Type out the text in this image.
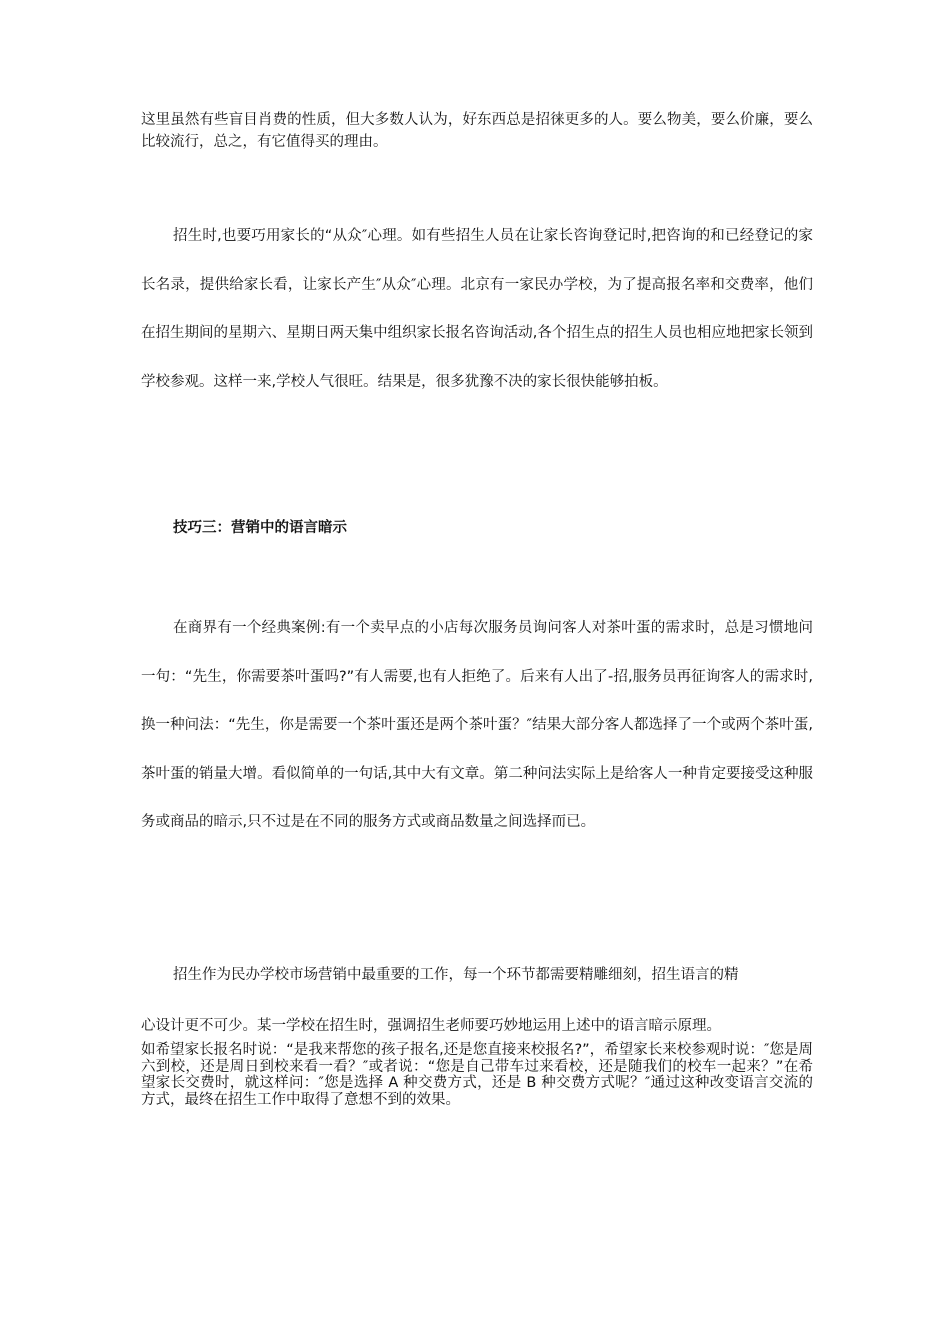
这里虽然有些盲目肖费的性质，但大多数人认为，好东西总是招徕更多的人。要么物美，要么价廉，要么比较流行，总之，有它值得买的理由。

招生时,也要巧用家长的“从众″心理。如有些招生人员在让家长咨询登记时,把咨询的和已经登记的家长名录，提供给家长看，让家长产生″从众″心理。北京有一家民办学校，为了提高报名率和交费率，他们在招生期间的星期六、星期日两天集中组织家长报名咨询活动,各个招生点的招生人员也相应地把家长领到学校参观。这样一来,学校人气很旺。结果是，很多犹豫不决的家长很快能够拍板。

技巧三：营销中的语言暗示

在商界有一个经典案例:有一个卖早点的小店每次服务员询问客人对茶叶蛋的需求时，总是习惯地问一句：“先生，你需要茶叶蛋吗?”有人需要,也有人拒绝了。后来有人出了-招,服务员再征询客人的需求时,换一种问法：“先生，你是需要一个茶叶蛋还是两个茶叶蛋？″结果大部分客人都选择了一个或两个茶叶蛋,茶叶蛋的销量大增。看似简单的一句话,其中大有文章。第二种问法实际上是给客人一种肯定要接受这种服务或商品的暗示,只不过是在不同的服务方式或商品数量之间选择而已。

招生作为民办学校市场营销中最重要的工作，每一个环节都需要精雕细刻，招生语言的精

心设计更不可少。某一学校在招生时，强调招生老师要巧妙地运用上述中的语言暗示原理。

如希望家长报名时说：“是我来帮您的孩子报名,还是您直接来校报名?”，希望家长来校参观时说：″您是周六到校，还是周日到校来看一看？″或者说：“您是自己带车过来看校，还是随我们的校车一起来？”在希望家长交费时，就这样问：″您是选择 A 种交费方式，还是 B 种交费方式呢？″通过这种改变语言交流的方式，最终在招生工作中取得了意想不到的效果。
